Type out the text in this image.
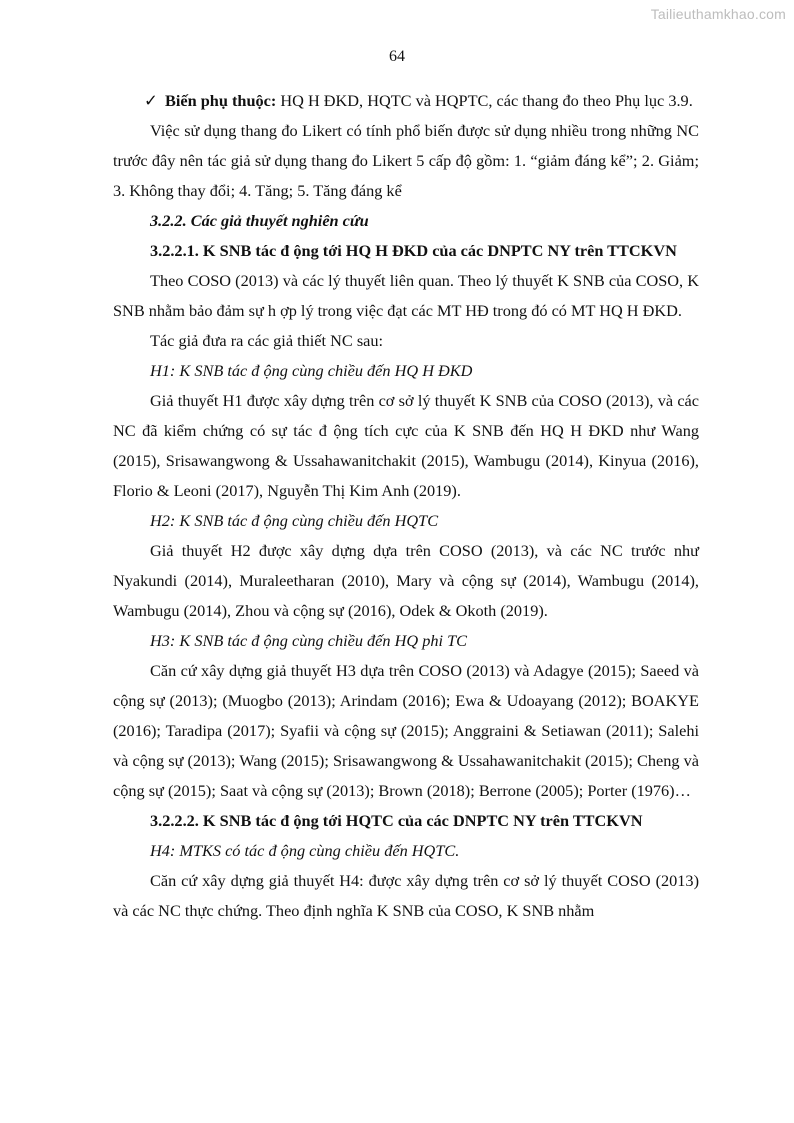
Tailieuthamkhao.com
64

✓ Biến phụ thuộc: HQ H ĐKD, HQTC và HQPTC, các thang đo theo Phụ lục 3.9.

Việc sử dụng thang đo Likert có tính phổ biến được sử dụng nhiều trong những NC trước đây nên tác giả sử dụng thang đo Likert 5 cấp độ gồm: 1. “giảm đáng kể”; 2. Giảm; 3. Không thay đổi; 4. Tăng; 5. Tăng đáng kể

3.2.2. Các giả thuyết nghiên cứu

3.2.2.1. K SNB tác đ ộng tới HQ H ĐKD của các DNPTC NY trên TTCKVN

Theo COSO (2013) và các lý thuyết liên quan. Theo lý thuyết K SNB của COSO, K SNB nhằm bảo đảm sự h ợp lý trong việc đạt các MT HĐ trong đó có MT HQ H ĐKD.

Tác giả đưa ra các giả thiết NC sau:

H1: K SNB tác đ ộng cùng chiều đến HQ H ĐKD

Giả thuyết H1 được xây dựng trên cơ sở lý thuyết K SNB của COSO (2013), và các NC đã kiểm chứng có sự tác đ ộng tích cực của K SNB đến HQ H ĐKD như Wang (2015), Srisawangwong & Ussahawanitchakit (2015), Wambugu (2014), Kinyua (2016), Florio & Leoni (2017), Nguyễn Thị Kim Anh (2019).

H2: K SNB tác đ ộng cùng chiều đến HQTC

Giả thuyết H2 được xây dựng dựa trên COSO (2013), và các NC trước như Nyakundi (2014), Muraleetharan (2010), Mary và cộng sự (2014), Wambugu (2014), Wambugu (2014), Zhou và cộng sự (2016), Odek & Okoth (2019).

H3: K SNB tác đ ộng cùng chiều đến HQ phi TC

Căn cứ xây dựng giả thuyết H3 dựa trên COSO (2013) và Adagye (2015); Saeed và cộng sự (2013); (Muogbo (2013); Arindam (2016); Ewa & Udoayang (2012); BOAKYE (2016); Taradipa (2017); Syafii và cộng sự (2015); Anggraini & Setiawan (2011); Salehi và cộng sự (2013); Wang (2015); Srisawangwong & Ussahawanitchakit (2015); Cheng và cộng sự (2015); Saat và cộng sự (2013); Brown (2018); Berrone (2005); Porter (1976)…

3.2.2.2. K SNB tác đ ộng tới HQTC của các DNPTC NY trên TTCKVN

H4: MTKS có tác đ ộng cùng chiều đến HQTC.

Căn cứ xây dựng giả thuyết H4: được xây dựng trên cơ sở lý thuyết COSO (2013) và các NC thực chứng. Theo định nghĩa K SNB của COSO, K SNB nhằm
